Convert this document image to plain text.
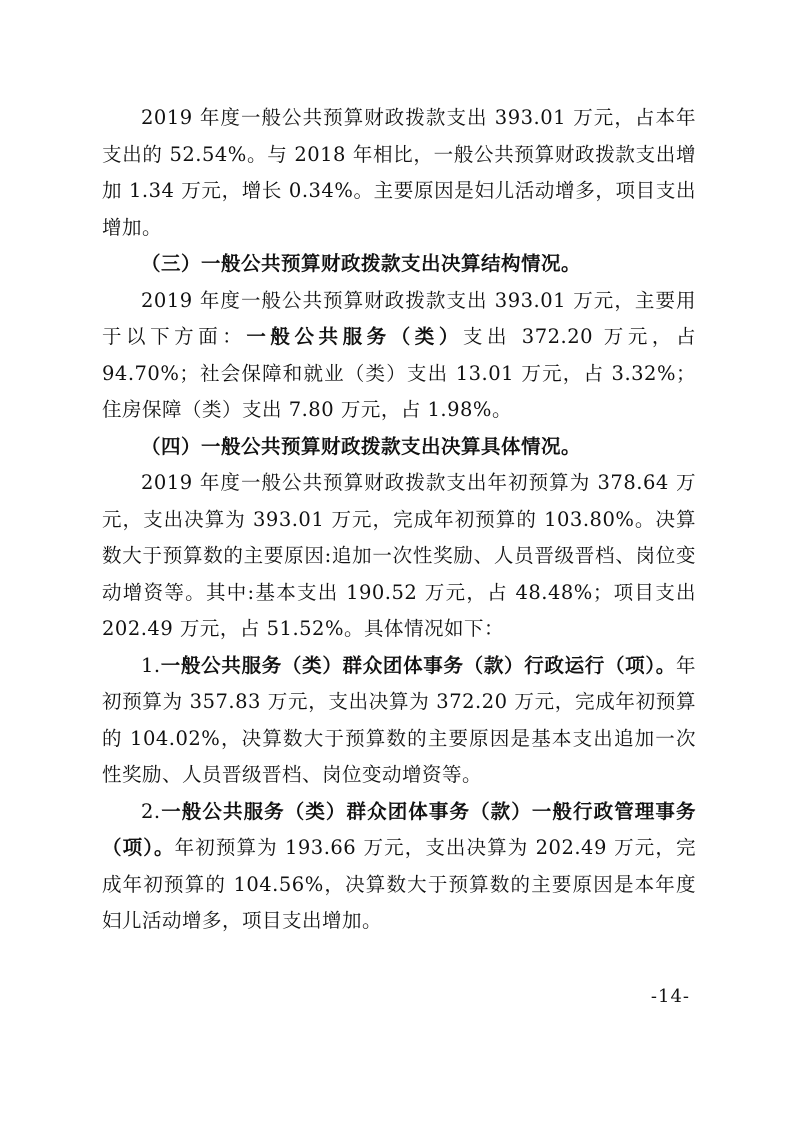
2019 年度一般公共预算财政拨款支出 393.01 万元，占本年支出的 52.54%。与 2018 年相比，一般公共预算财政拨款支出增加 1.34 万元，增长 0.34%。主要原因是妇儿活动增多，项目支出增加。

（三）一般公共预算财政拨款支出决算结构情况。

2019 年度一般公共预算财政拨款支出 393.01 万元，主要用于以下方面：一般公共服务（类）支出 372.20 万元，占 94.70%；社会保障和就业（类）支出 13.01 万元，占 3.32%；住房保障（类）支出 7.80 万元，占 1.98%。

（四）一般公共预算财政拨款支出决算具体情况。

2019 年度一般公共预算财政拨款支出年初预算为 378.64 万元，支出决算为 393.01 万元，完成年初预算的 103.80%。决算数大于预算数的主要原因:追加一次性奖励、人员晋级晋档、岗位变动增资等。其中:基本支出 190.52 万元，占 48.48%；项目支出 202.49 万元，占 51.52%。具体情况如下：

1.一般公共服务（类）群众团体事务（款）行政运行（项）。年初预算为 357.83 万元，支出决算为 372.20 万元，完成年初预算的 104.02%，决算数大于预算数的主要原因是基本支出追加一次性奖励、人员晋级晋档、岗位变动增资等。

2.一般公共服务（类）群众团体事务（款）一般行政管理事务（项）。年初预算为 193.66 万元，支出决算为 202.49 万元，完成年初预算的 104.56%，决算数大于预算数的主要原因是本年度妇儿活动增多，项目支出增加。

-14-
